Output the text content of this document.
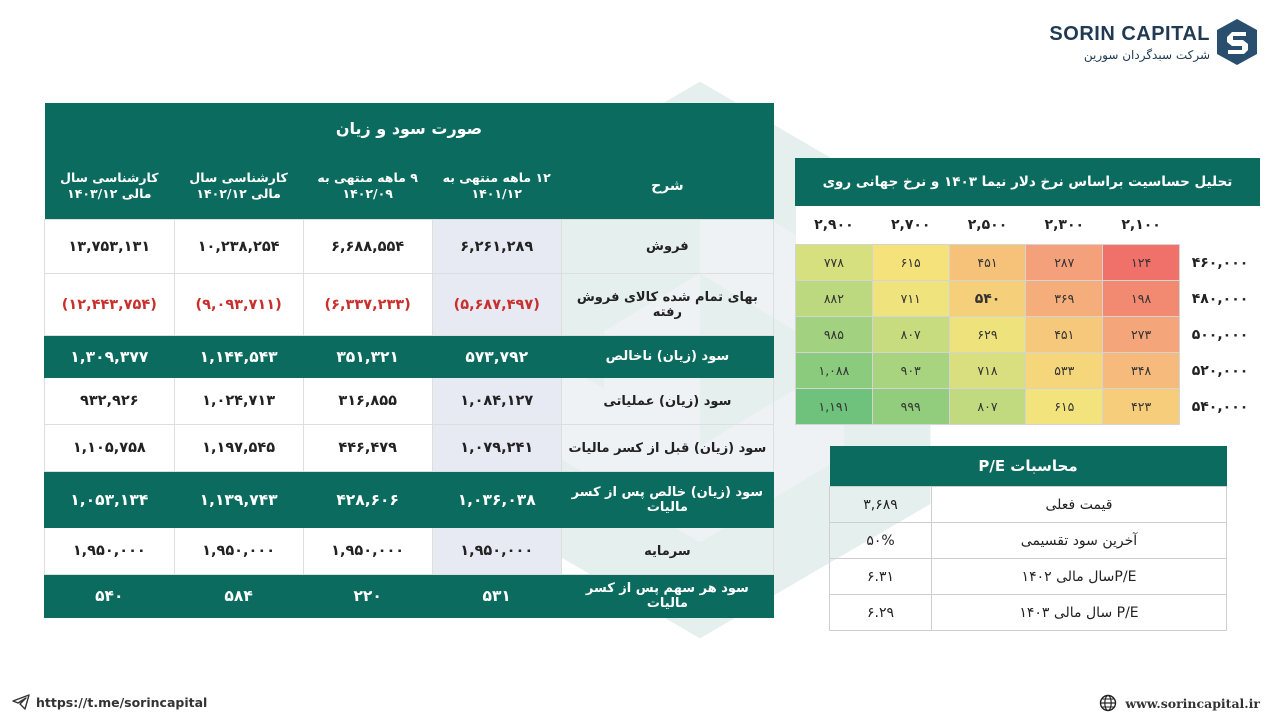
SORIN CAPITAL
شرکت سبدگردان سورین
صورت سود و زیان				
شرح	۱۲ ماهه منتهی به ۱۴۰۱/۱۲	۹ ماهه منتهی به ۱۴۰۲/۰۹	کارشناسی سال مالی ۱۴۰۲/۱۲	کارشناسی سال مالی ۱۴۰۳/۱۲
فروش	۶,۲۶۱,۲۸۹	۶,۶۸۸,۵۵۴	۱۰,۲۳۸,۲۵۴	۱۳,۷۵۳,۱۳۱
بهای تمام شده کالای فروش رفته	(۵,۶۸۷,۴۹۷)	(۶,۳۳۷,۲۳۳)	(۹,۰۹۳,۷۱۱)	(۱۲,۴۴۳,۷۵۴)
سود (زیان) ناخالص	۵۷۳,۷۹۲	۳۵۱,۳۲۱	۱,۱۴۴,۵۴۳	۱,۳۰۹,۳۷۷
سود (زیان) عملیاتی	۱,۰۸۴,۱۲۷	۳۱۶,۸۵۵	۱,۰۲۴,۷۱۳	۹۳۲,۹۲۶
سود (زیان) قبل از کسر مالیات	۱,۰۷۹,۲۴۱	۴۴۶,۴۷۹	۱,۱۹۷,۵۴۵	۱,۱۰۵,۷۵۸
سود (زیان) خالص پس از کسر مالیات	۱,۰۳۶,۰۳۸	۴۲۸,۶۰۶	۱,۱۳۹,۷۴۳	۱,۰۵۳,۱۳۴
سرمایه	۱,۹۵۰,۰۰۰	۱,۹۵۰,۰۰۰	۱,۹۵۰,۰۰۰	۱,۹۵۰,۰۰۰
سود هر سهم پس از کسر مالیات	۵۳۱	۲۲۰	۵۸۴	۵۴۰
تحلیل حساسیت براساس نرخ دلار نیما ۱۴۰۳ و نرخ جهانی روی
	۲,۱۰۰	۲,۳۰۰	۲,۵۰۰	۲,۷۰۰	۲,۹۰۰
۴۶۰,۰۰۰	۱۲۴	۲۸۷	۴۵۱	۶۱۵	۷۷۸
۴۸۰,۰۰۰	۱۹۸	۳۶۹	۵۴۰	۷۱۱	۸۸۲
۵۰۰,۰۰۰	۲۷۳	۴۵۱	۶۲۹	۸۰۷	۹۸۵
۵۲۰,۰۰۰	۳۴۸	۵۳۳	۷۱۸	۹۰۳	۱,۰۸۸
۵۴۰,۰۰۰	۴۲۳	۶۱۵	۸۰۷	۹۹۹	۱,۱۹۱
محاسبات P/E	
قیمت فعلی	۳,۶۸۹
آخرین سود تقسیمی	۵۰%
P/Eسال مالی ۱۴۰۲	۶.۳۱
P/E سال مالی ۱۴۰۳	۶.۲۹
https://t.me/sorincapital	www.sorincapital.ir
